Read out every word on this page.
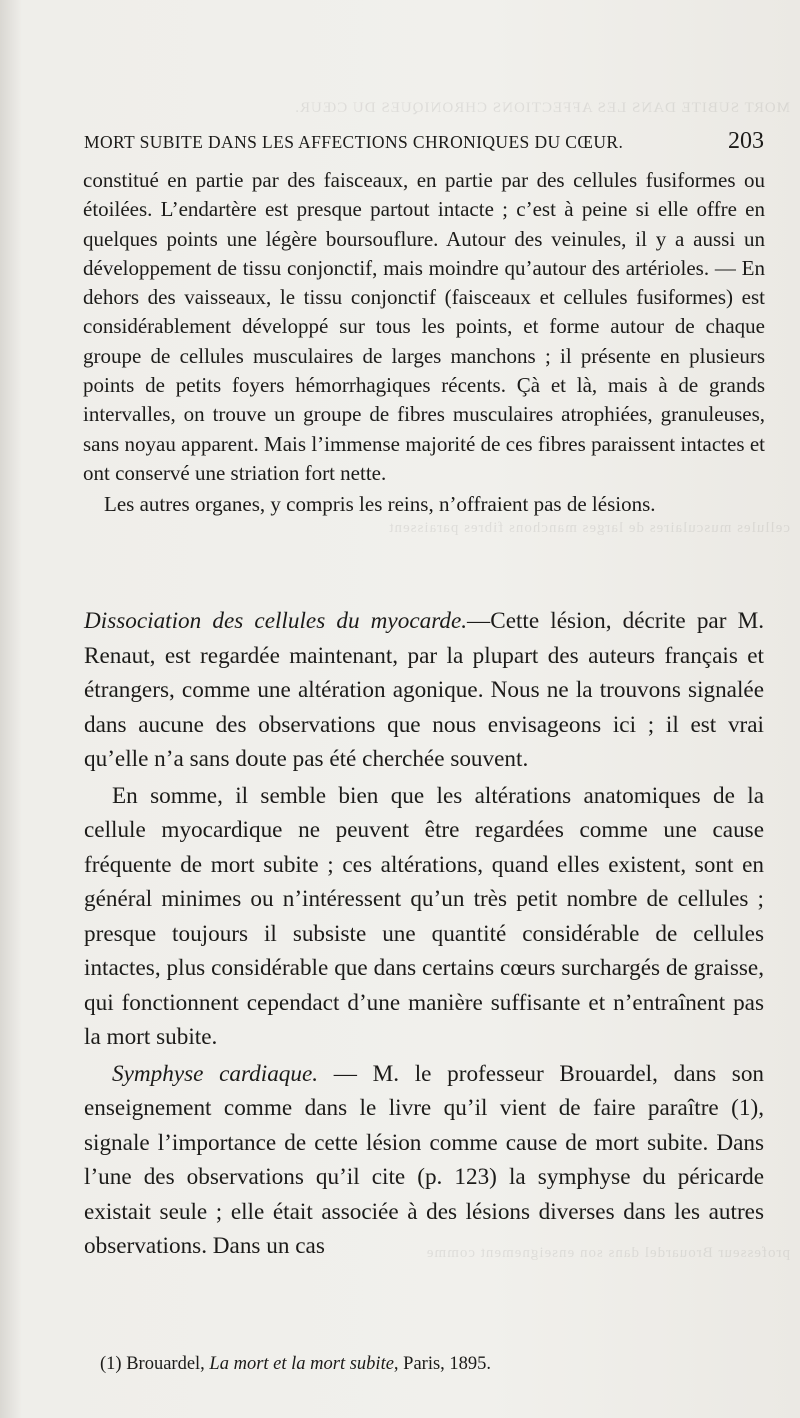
MORT SUBITE DANS LES AFFECTIONS CHRONIQUES DU CŒUR.
cellules musculaires de larges manchons fibres paraissent
professeur Brouardel dans son enseignement comme
MORT SUBITE DANS LES AFFECTIONS CHRONIQUES DU CŒUR.	203

constitué en partie par des faisceaux, en partie par des cellules fusiformes ou étoilées. L’endartère est presque partout intacte ; c’est à peine si elle offre en quelques points une légère boursouflure. Autour des veinules, il y a aussi un développement de tissu conjonctif, mais moindre qu’autour des artérioles. — En dehors des vaisseaux, le tissu conjonctif (faisceaux et cellules fusiformes) est considérablement développé sur tous les points, et forme autour de chaque groupe de cellules musculaires de larges manchons ; il présente en plusieurs points de petits foyers hémorrhagiques récents. Çà et là, mais à de grands intervalles, on trouve un groupe de fibres musculaires atrophiées, granuleuses, sans noyau apparent. Mais l’immense majorité de ces fibres paraissent intactes et ont conservé une striation fort nette.

Les autres organes, y compris les reins, n’offraient pas de lésions.

Dissociation des cellules du myocarde.—Cette lésion, décrite par M. Renaut, est regardée maintenant, par la plupart des auteurs français et étrangers, comme une altération agonique. Nous ne la trouvons signalée dans aucune des observations que nous envisageons ici ; il est vrai qu’elle n’a sans doute pas été cherchée souvent.

En somme, il semble bien que les altérations anatomiques de la cellule myocardique ne peuvent être regardées comme une cause fréquente de mort subite ; ces altérations, quand elles existent, sont en général minimes ou n’intéressent qu’un très petit nombre de cellules ; presque toujours il subsiste une quantité considérable de cellules intactes, plus considérable que dans certains cœurs surchargés de graisse, qui fonctionnent cependact d’une manière suffisante et n’entraînent pas la mort subite.

Symphyse cardiaque. — M. le professeur Brouardel, dans son enseignement comme dans le livre qu’il vient de faire paraître (1), signale l’importance de cette lésion comme cause de mort subite. Dans l’une des observations qu’il cite (p. 123) la symphyse du péricarde existait seule ; elle était associée à des lésions diverses dans les autres observations. Dans un cas

(1) Brouardel, La mort et la mort subite, Paris, 1895.
